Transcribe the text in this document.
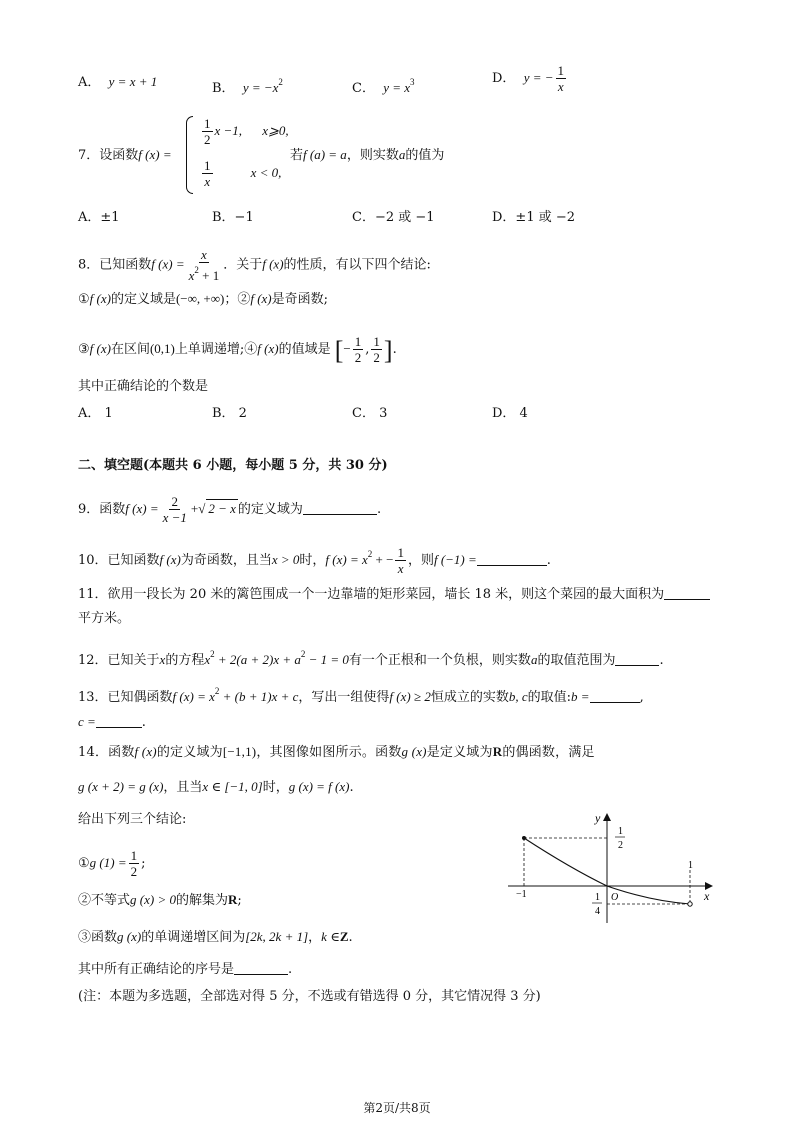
A． y = x + 1	B． $y = -x^2$	C． $y = x^3$	D． y = − $\frac{1}{x}$
7．设函数f (x) =
$\frac{1}{2}$ x −1, x⩾0,
$\frac{1}{x}$	x < 0,
若f (a) = a，则实数a的值为
A．±1	B．−1	C．−2 或 −1	D．±1 或 −2
8．已知函数f $(x) = \frac{x}{x^2 + 1}$ ．关于f (x)的性质，有以下四个结论:
①f (x)的定义域是(−∞, +∞)；②f (x)是奇函数;
③f (x)在区间(0,1)上单调递增;④f (x)的值域是 [− $\frac{1}{2}$ , $\frac{1}{2}$ ].
其中正确结论的个数是
A． 1	B． 2	C． 3	D． 4
二、填空题(本题共 6 小题，每小题 5 分，共 30 分)
9．函数f $(x) = \frac{2}{x -1}$ +√ 2 − x 的定义域为	.
10．已知函数f (x)为奇函数，且当x > 0时，f $(x) = x^2$ + − $\frac{1}{x}$ ，则f (−1) =	.
11．欲用一段长为 20 米的篱笆围成一个一边靠墙的矩形菜园，墙长 18 米，则这个菜园的最大面积为
平方米。
12．已知关于x的方程$x^2 + 2(a + 2)x + a^2 - 1 = 0$有一个正根和一个负根，则实数a的取值范围为	.
13．已知偶函数f $(x) = x^2 + (b + 1)x + c$，写出一组使得f (x) ≥ 2恒成立的实数b, c的取值:b =	,
c =	.
14．函数f (x)的定义域为[−1,1)，其图像如图所示。函数g (x)是定义域为R的偶函数，满足
g (x + 2) = g (x)，且当x ∈ [−1, 0]时，g (x) = f (x).
给出下列三个结论:
①g $(1) = \frac{1}{2}$ ;
②不等式g (x) > 0的解集为R;
③函数g (x)的单调递增区间为[2k, 2k + 1]，k ∈Z.
其中所有正确结论的序号是	.
(注：本题为多选题，全部选对得 5 分，不选或有错选得 0 分，其它情况得 3 分)
y
x
O
1
2
1
4
−1
1
第2页/共8页
